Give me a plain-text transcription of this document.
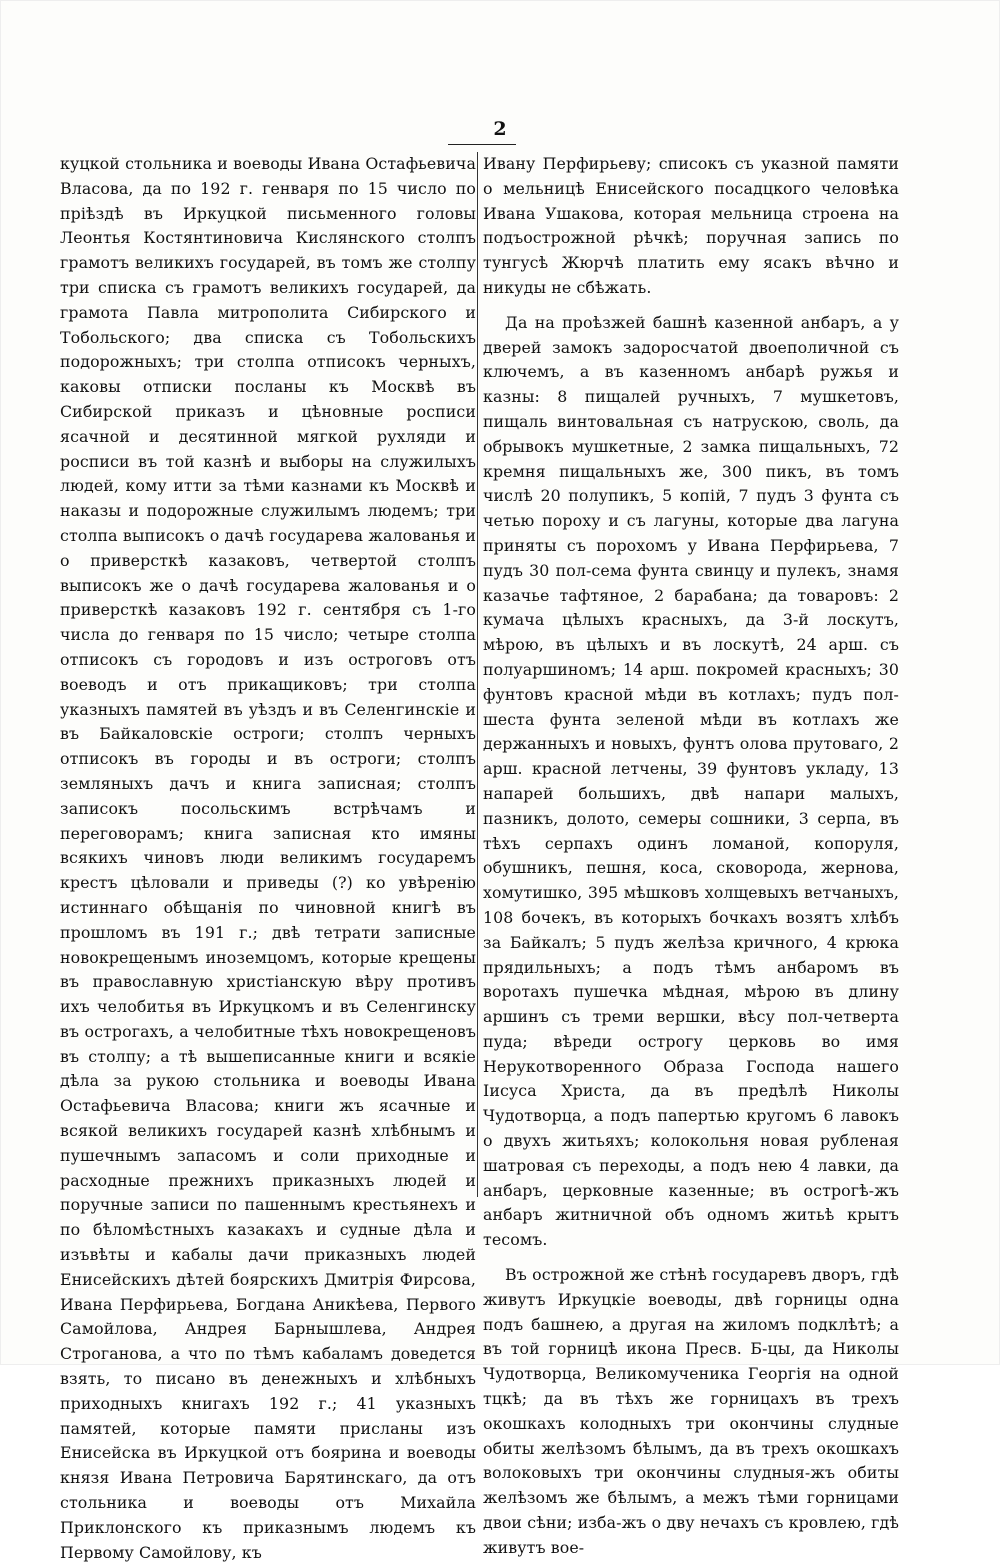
2

куцкой стольника и воеводы Ивана Остафьевича Власова, да по 192 г. генваря по 15 число по пріѣздѣ въ Иркуцкой письменного головы Леонтья Костянтиновича Кислянского столпъ грамотъ великихъ государей, въ томъ же столпу три списка съ грамотъ великихъ государей, да грамота Павла митрополита Сибирского и Тобольского; два списка съ Тобольскихъ подорожныхъ; три столпа отписокъ черныхъ, каковы отписки посланы къ Москвѣ въ Сибирской приказъ и цѣновные росписи ясачной и десятинной мягкой рухляди и росписи въ той казнѣ и выборы на служилыхъ людей, кому итти за тѣми казнами къ Москвѣ и наказы и подорожные служилымъ людемъ; три столпа выписокъ о дачѣ государева жалованья и о приверсткѣ казаковъ, четвертой столпъ выписокъ же о дачѣ государева жалованья и о приверсткѣ казаковъ 192 г. сентября съ 1-го числа до генваря по 15 число; четыре столпа отписокъ съ городовъ и изъ остроговъ отъ воеводъ и отъ прикащиковъ; три столпа указныхъ памятей въ уѣздъ и въ Селенгинскіе и въ Байкаловскіе остроги; столпъ черныхъ отписокъ въ городы и въ остроги; столпъ земляныхъ дачъ и книга записная; столпъ записокъ посольскимъ встрѣчамъ и переговорамъ; книга записная кто имяны всякихъ чиновъ люди великимъ государемъ крестъ цѣловали и приведы (?) ко увѣренію истиннаго обѣщанія по чиновной книгѣ въ прошломъ въ 191 г.; двѣ тетрати записные новокрещенымъ иноземцомъ, которые крещены въ православную христіанскую вѣру противъ ихъ челобитья въ Иркуцкомъ и въ Селенгинску въ острогахъ, а челобитные тѣхъ новокрещеновъ въ столпу; а тѣ вышеписанные книги и всякіе дѣла за рукою стольника и воеводы Ивана Остафьевича Власова; книги жъ ясачные и всякой великихъ государей казнѣ хлѣбнымъ и пушечнымъ запасомъ и соли приходные и расходные прежнихъ приказныхъ людей и поручные записи по пашеннымъ крестьянехъ и по бѣломѣстныхъ казакахъ и судные дѣла и изъвѣты и кабалы дачи приказныхъ людей Енисейскихъ дѣтей боярскихъ Дмитрія Фирсова, Ивана Перфирьева, Богдана Аникѣева, Первого Самойлова, Андрея Барнышлева, Андрея Строганова, а что по тѣмъ кабаламъ доведется взять, то писано въ денежныхъ и хлѣбныхъ приходныхъ книгахъ 192 г.; 41 указныхъ памятей, которые памяти присланы изъ Енисейска въ Иркуцкой отъ боярина и воеводы князя Ивана Петровича Барятинскаго, да отъ стольника и воеводы отъ Михайла Приклонского къ приказнымъ людемъ къ Первому Самойлову, къ

Ивану Перфирьеву; списокъ съ указной памяти о мельницѣ Енисейского посадцкого человѣка Ивана Ушакова, которая мельница строена на подъострожной рѣчкѣ; поручная запись по тунгусѣ Жюрчѣ платить ему ясакъ вѣчно и никуды не сбѣжать.

Да на проѣзжей башнѣ казенной анбаръ, а у дверей замокъ задоросчатой двоеполичной съ ключемъ, а въ казенномъ анбарѣ ружья и казны: 8 пищалей ручныхъ, 7 мушкетовъ, пищаль винтовальная съ натрускою, своль, да обрывокъ мушкетные, 2 замка пищальныхъ, 72 кремня пищальныхъ же, 300 пикъ, въ томъ числѣ 20 полупикъ, 5 копій, 7 пудъ 3 фунта съ четью пороху и съ лагуны, которые два лагуна приняты съ порохомъ у Ивана Перфирьева, 7 пудъ 30 пол-сема фунта свинцу и пулекъ, знамя казачье тафтяное, 2 барабана; да товаровъ: 2 кумача цѣлыхъ красныхъ, да 3-й лоскутъ, мѣрою, въ цѣлыхъ и въ лоскутѣ, 24 арш. съ полуаршиномъ; 14 арш. покромей красныхъ; 30 фунтовъ красной мѣди въ котлахъ; пудъ пол-шеста фунта зеленой мѣди въ котлахъ же держанныхъ и новыхъ, фунтъ олова прутоваго, 2 арш. красной летчены, 39 фунтовъ укладу, 13 напарей большихъ, двѣ напари малыхъ, пазникъ, долото, семеры сошники, 3 серпа, въ тѣхъ серпахъ одинъ ломаной, копоруля, обушникъ, пешня, коса, сковорода, жернова, хомутишко, 395 мѣшковъ холщевыхъ ветчаныхъ, 108 бочекъ, въ которыхъ бочкахъ возятъ хлѣбъ за Байкалъ; 5 пудъ желѣза кричного, 4 крюка прядильныхъ; а подъ тѣмъ анбаромъ въ воротахъ пушечка мѣдная, мѣрою въ длину аршинъ съ треми вершки, вѣсу пол-четверта пуда; вѣреди острогу церковь во имя Нерукотворенного Образа Господа нашего Іисуса Христа, да въ предѣлѣ Николы Чудотворца, а подъ папертью кругомъ 6 лавокъ о двухъ житьяхъ; колокольня новая рубленая шатровая съ переходы, а подъ нею 4 лавки, да анбаръ, церковные казенные; въ острогѣ-жъ анбаръ житничной объ одномъ житьѣ крытъ тесомъ.

Въ острожной же стѣнѣ государевъ дворъ, гдѣ живутъ Иркуцкіе воеводы, двѣ горницы одна подъ башнею, а другая на жиломъ подклѣтѣ; а въ той горницѣ икона Пресв. Б-цы, да Николы Чудотворца, Великомученика Георгія на одной тцкѣ; да въ тѣхъ же горницахъ въ трехъ окошкахъ колодныхъ три окончины слудные обиты желѣзомъ бѣлымъ, да въ трехъ окошкахъ волоковыхъ три окончины слудныя-жъ обиты желѣзомъ же бѣлымъ, а межъ тѣми горницами двои сѣни; изба-жъ о дву нечахъ съ кровлею, гдѣ живутъ вое-
